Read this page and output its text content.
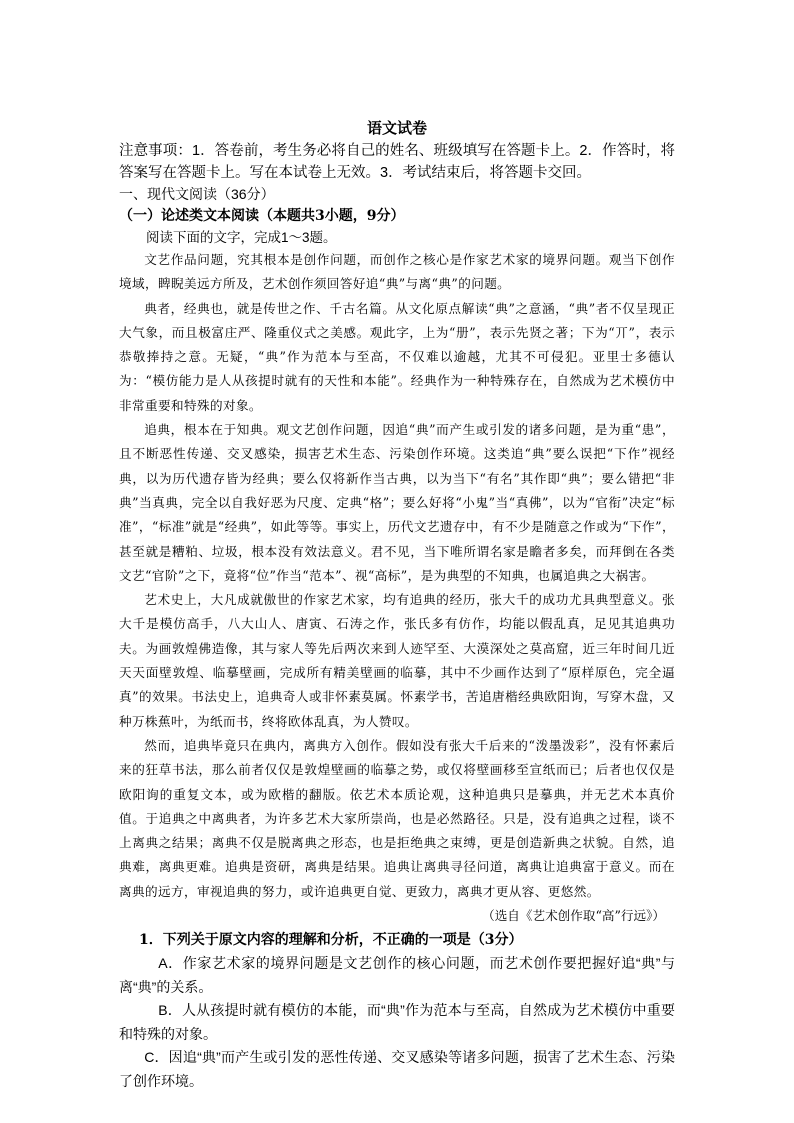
语文试卷
注意事项：1．答卷前，考生务必将自己的姓名、班级填写在答题卡上。2．作答时，将答案写在答题卡上。写在本试卷上无效。3．考试结束后，将答题卡交回。
一、现代文阅读（36分）
（一）论述类文本阅读（本题共3小题，9分）
阅读下面的文字，完成1～3题。

文艺作品问题，究其根本是创作问题，而创作之核心是作家艺术家的境界问题。观当下创作境域，睥睨美远方所及，艺术创作须回答好追“典”与离“典”的问题。

典者，经典也，就是传世之作、千古名篇。从文化原点解读“典”之意涵，“典”者不仅呈现正大气象，而且极富庄严、隆重仪式之美感。观此字，上为“册”，表示先贤之著；下为“丌”，表示恭敬捧持之意。无疑，“典”作为范本与至高，不仅难以逾越，尤其不可侵犯。亚里士多德认为：“模仿能力是人从孩提时就有的天性和本能”。经典作为一种特殊存在，自然成为艺术模仿中非常重要和特殊的对象。

追典，根本在于知典。观文艺创作问题，因追“典”而产生或引发的诸多问题，是为重“患”，且不断恶性传递、交叉感染，损害艺术生态、污染创作环境。这类追“典”要么误把“下作”视经典，以为历代遗存皆为经典；要么仅将新作当古典，以为当下“有名”其作即“典”；要么错把“非典”当真典，完全以自我好恶为尺度、定典“格”；要么好将“小鬼”当“真佛”，以为“官衔”决定“标准”，“标准”就是“经典”，如此等等。事实上，历代文艺遗存中，有不少是随意之作或为“下作”，甚至就是糟粕、垃圾，根本没有效法意义。君不见，当下唯所谓名家是瞻者多矣，而拜倒在各类文艺“官阶”之下，竟将“位”作当“范本”、视“高标”，是为典型的不知典，也属追典之大祸害。

艺术史上，大凡成就傲世的作家艺术家，均有追典的经历，张大千的成功尤具典型意义。张大千是模仿高手，八大山人、唐寅、石涛之作，张氏多有仿作，均能以假乱真，足见其追典功夫。为画敦煌佛造像，其与家人等先后两次来到人迹罕至、大漠深处之莫高窟，近三年时间几近天天面壁敦煌、临摹壁画，完成所有精美壁画的临摹，其中不少画作达到了“原样原色，完全逼真”的效果。书法史上，追典奇人或非怀素莫属。怀素学书，苦追唐楷经典欧阳询，写穿木盘，又种万株蕉叶，为纸而书，终将欧体乱真，为人赞叹。

然而，追典毕竟只在典内，离典方入创作。假如没有张大千后来的“泼墨泼彩”，没有怀素后来的狂草书法，那么前者仅仅是敦煌壁画的临摹之势，或仅将壁画移至宣纸而已；后者也仅仅是欧阳询的重复文本，或为欧楷的翻版。依艺术本质论观，这种追典只是摹典，并无艺术本真价值。于追典之中离典者，为许多艺术大家所崇尚，也是必然路径。只是，没有追典之过程，谈不上离典之结果；离典不仅是脱离典之形态，也是拒绝典之束缚，更是创造新典之状貌。自然，追典难，离典更难。追典是资研，离典是结果。追典让离典寻径问道，离典让追典富于意义。而在离典的远方，审视追典的努力，或许追典更自觉、更致力，离典才更从容、更悠然。

（选自《艺术创作取“高”行远》）
1．下列关于原文内容的理解和分析，不正确的一项是（3分）
A．作家艺术家的境界问题是文艺创作的核心问题，而艺术创作要把握好追“典”与离“典”的关系。
B．人从孩提时就有模仿的本能，而“典”作为范本与至高，自然成为艺术模仿中重要和特殊的对象。
C．因追“典”而产生或引发的恶性传递、交叉感染等诸多问题，损害了艺术生态、污染了创作环境。
